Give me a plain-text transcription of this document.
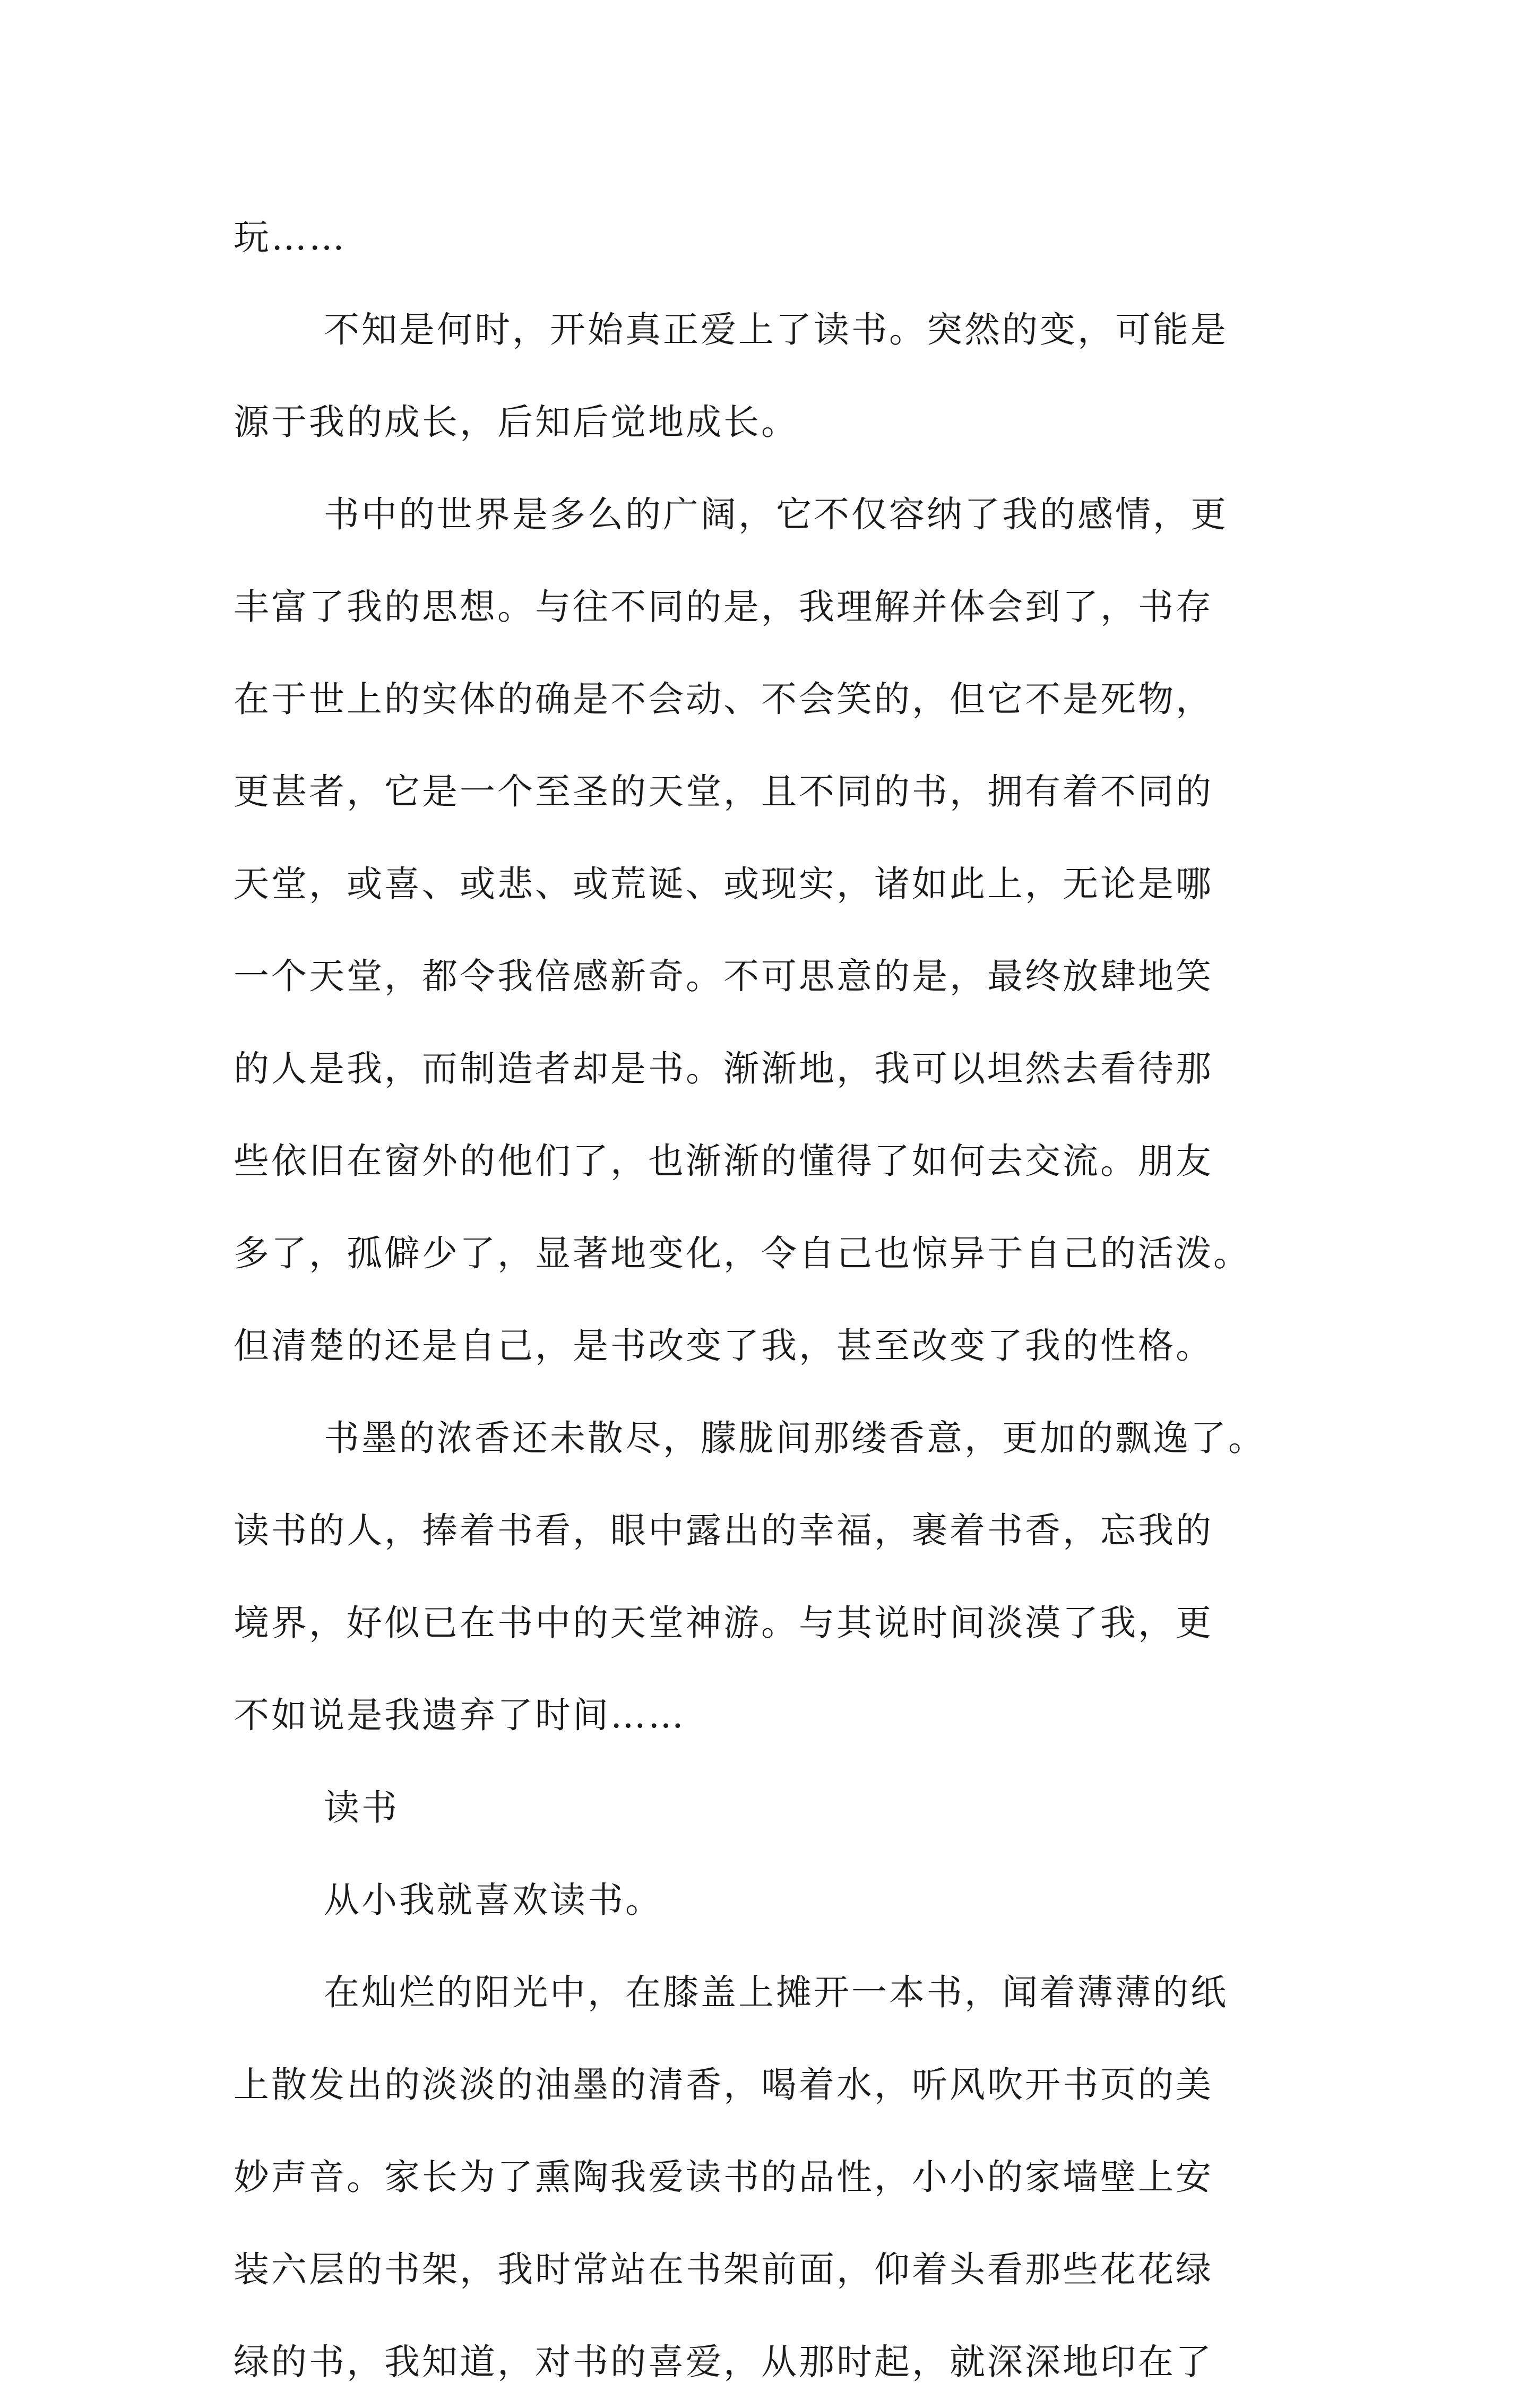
玩……
不知是何时，开始真正爱上了读书。突然的变，可能是
源于我的成长，后知后觉地成长。
书中的世界是多么的广阔，它不仅容纳了我的感情，更
丰富了我的思想。与往不同的是，我理解并体会到了，书存
在于世上的实体的确是不会动、不会笑的，但它不是死物，
更甚者，它是一个至圣的天堂，且不同的书，拥有着不同的
天堂，或喜、或悲、或荒诞、或现实，诸如此上，无论是哪
一个天堂，都令我倍感新奇。不可思意的是，最终放肆地笑
的人是我，而制造者却是书。渐渐地，我可以坦然去看待那
些依旧在窗外的他们了，也渐渐的懂得了如何去交流。朋友
多了，孤僻少了，显著地变化，令自己也惊异于自己的活泼。
但清楚的还是自己，是书改变了我，甚至改变了我的性格。
书墨的浓香还未散尽，朦胧间那缕香意，更加的飘逸了。
读书的人，捧着书看，眼中露出的幸福，裹着书香，忘我的
境界，好似已在书中的天堂神游。与其说时间淡漠了我，更
不如说是我遗弃了时间……
读书
从小我就喜欢读书。
在灿烂的阳光中，在膝盖上摊开一本书，闻着薄薄的纸
上散发出的淡淡的油墨的清香，喝着水，听风吹开书页的美
妙声音。家长为了熏陶我爱读书的品性，小小的家墙壁上安
装六层的书架，我时常站在书架前面，仰着头看那些花花绿
绿的书，我知道，对书的喜爱，从那时起，就深深地印在了
